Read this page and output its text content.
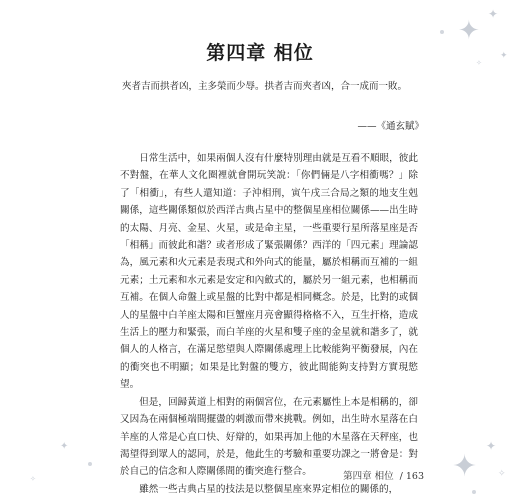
✦
✦
✦
✧
✦
✦
✧
✦
✧
第四章 相位
夾者吉而拱者凶，主多榮而少辱。拱者吉而夾者凶，合一成而一敗。
——《通玄賦》

日常生活中，如果兩個人沒有什麼特別理由就是互看不順眼，彼此不對盤，在華人文化圈裡就會開玩笑說：「你們倆是八字相衝嗎？」除了「相衝」，有些人還知道：子沖相刑，寅午戌三合局之類的地支生剋關係，這些關係類似於西洋古典占星中的整個星座相位關係——出生時的太陽、月亮、金星、火星，或是命主星，一些重要行星所落星座是否「相稱」而彼此和諧？或者形成了緊張關係？西洋的「四元素」理論認為，風元素和火元素是表現式和外向式的能量，屬於相稱而互補的一組元素；土元素和水元素是安定和內斂式的，屬於另一組元素，也相稱而互補。在個人命盤上或星盤的比對中都是相同概念。於是，比對的或個人的星盤中白羊座太陽和巨蟹座月亮會顯得格格不入，互生扞格，造成生活上的壓力和緊張，而白羊座的火星和雙子座的金星就和諧多了，就個人的人格言，在滿足慾望與人際關係處理上比較能夠平衡發展，內在的衝突也不明顯；如果是比對盤的雙方，彼此間能夠支持對方實現慾望。

但是，回歸黃道上相對的兩個宮位，在元素屬性上本是相稱的，卻又因為在兩個極端間擺盪的刺激而帶來挑戰。例如，出生時水星落在白羊座的人常是心直口快、好辯的，如果再加上他的木星落在天秤座，也渴望得到眾人的認同，於是，他此生的考驗和重要功課之一將會是：對於自己的信念和人際關係間的衝突進行整合。

雖然一些古典占星的技法是以整個星座來界定相位的關係的，

第四章 相位 / 163
